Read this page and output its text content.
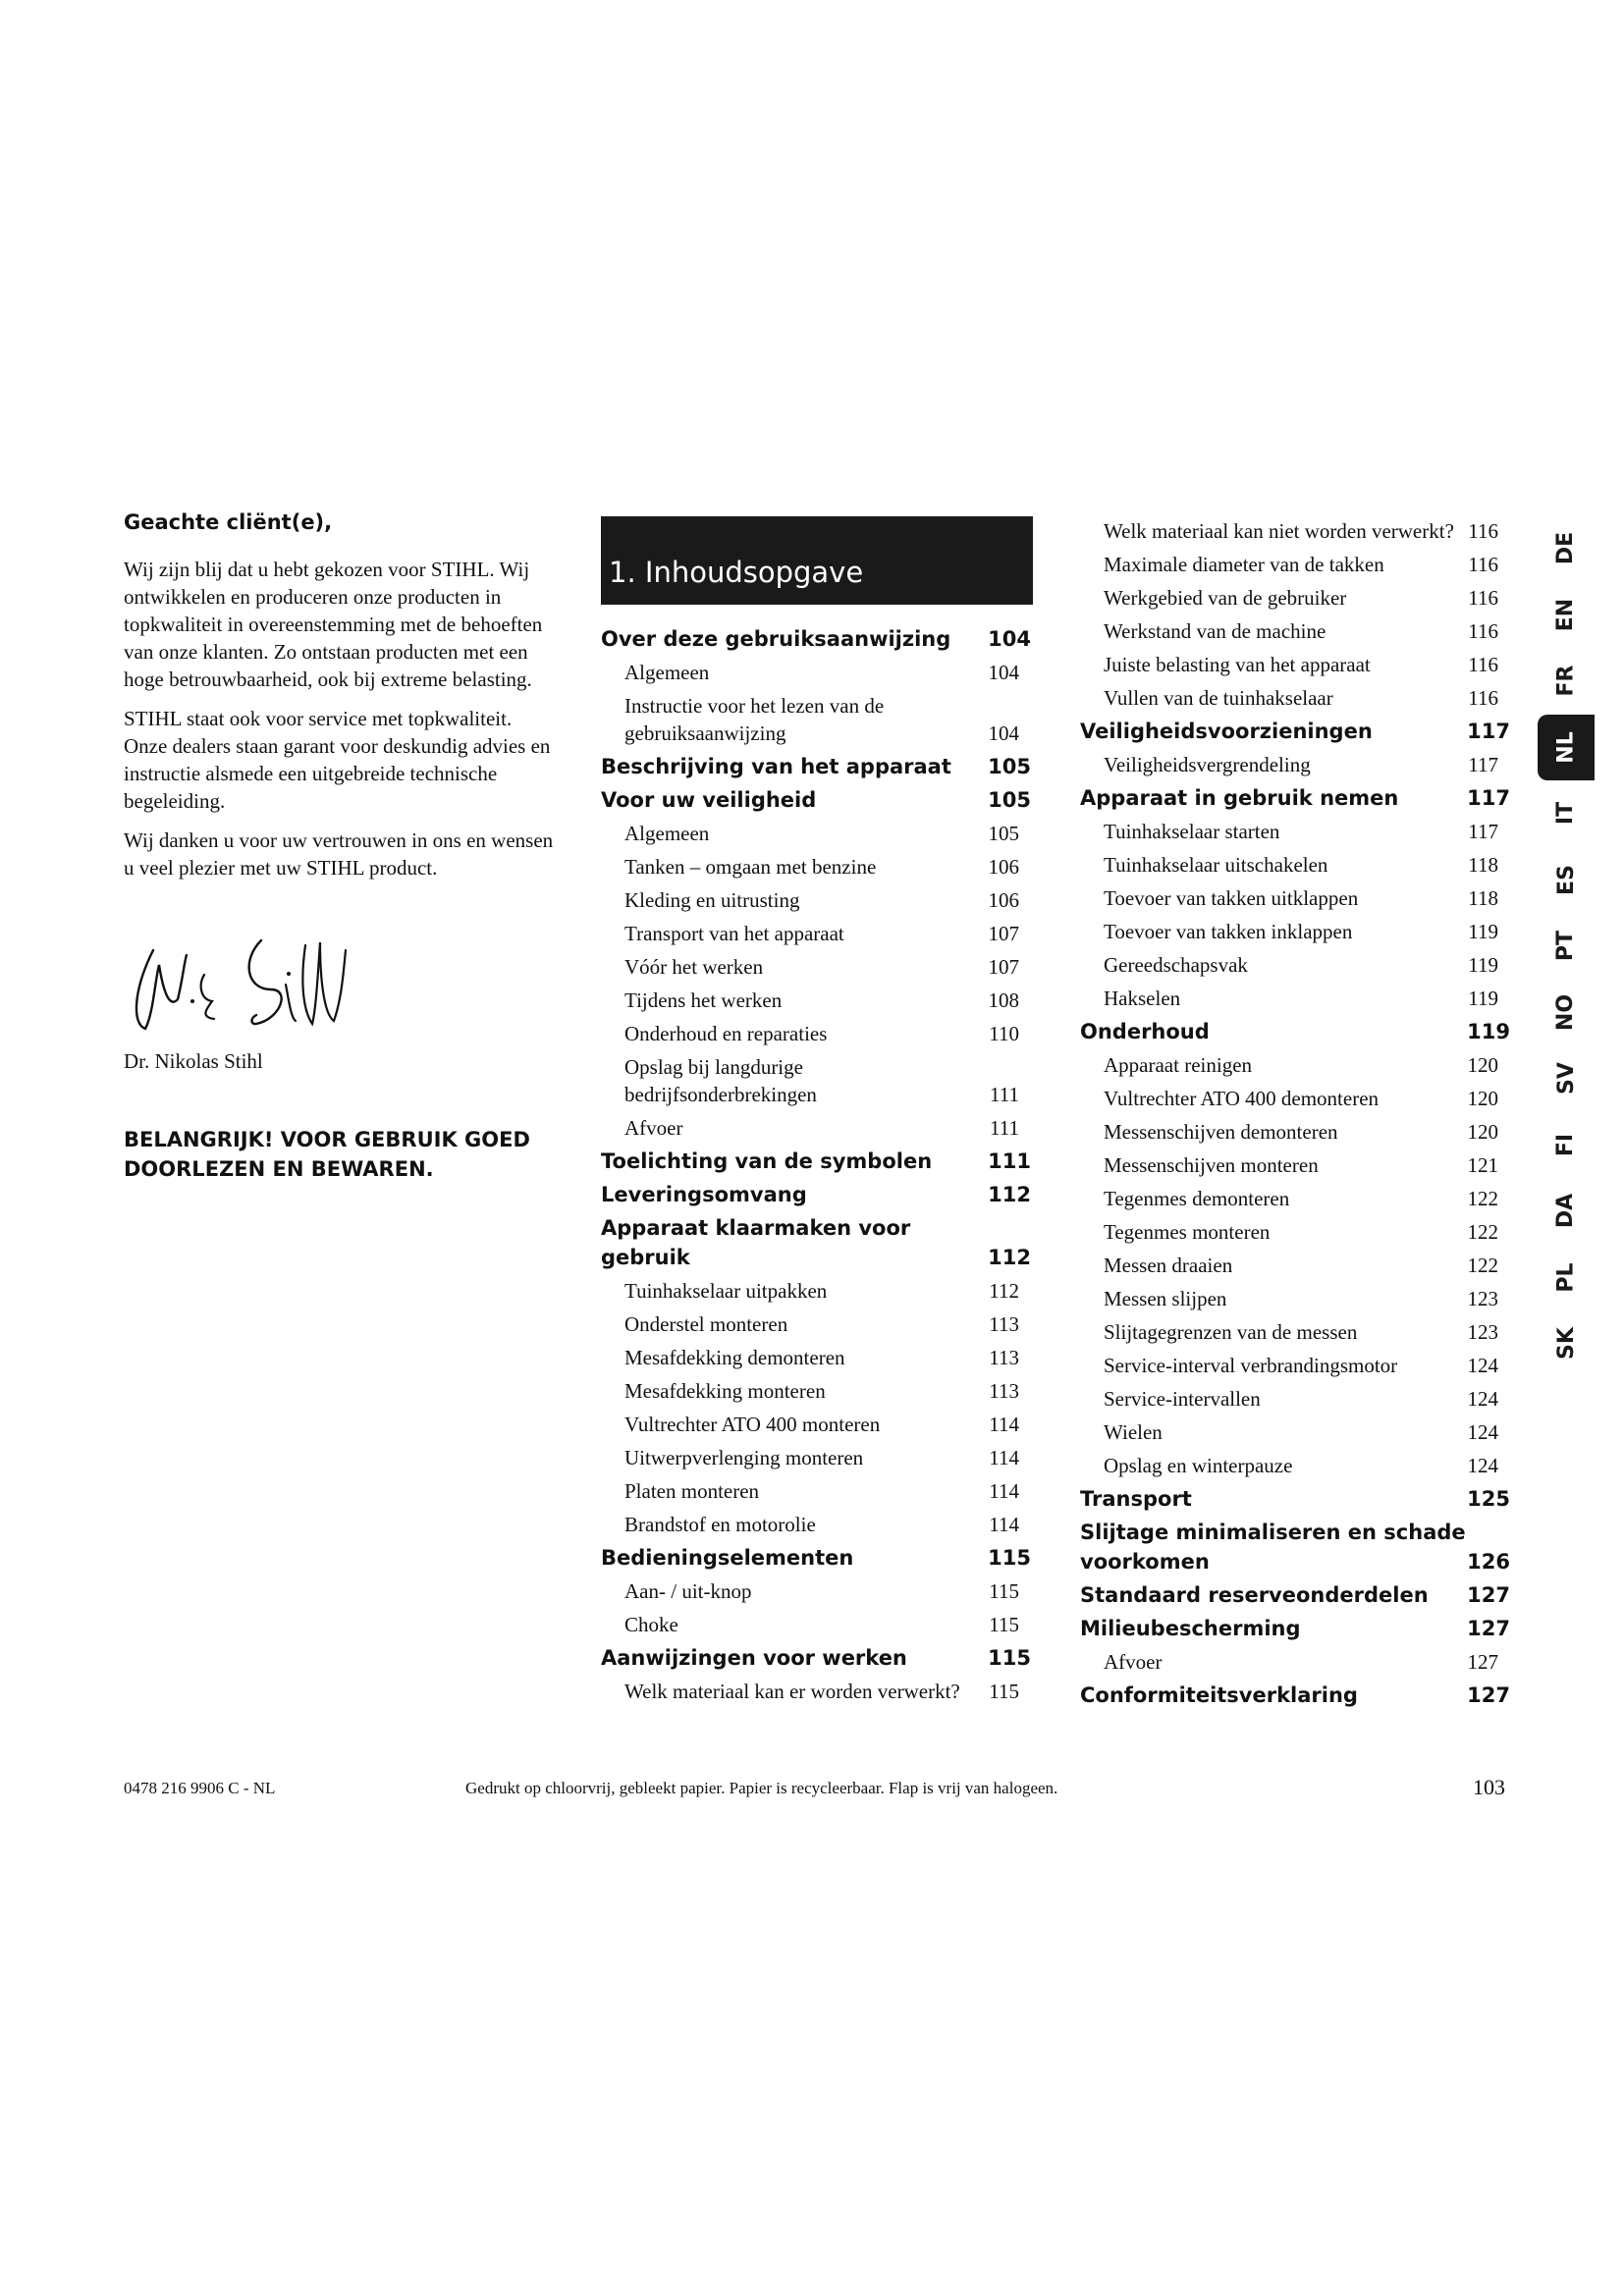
Geachte cliënt(e),

Wij zijn blij dat u hebt gekozen voor STIHL. Wij ontwikkelen en produceren onze producten in topkwaliteit in overeenstemming met de behoeften van onze klanten. Zo ontstaan producten met een hoge betrouwbaarheid, ook bij extreme belasting.

STIHL staat ook voor service met topkwaliteit. Onze dealers staan garant voor deskundig advies en instructie alsmede een uitgebreide technische begeleiding.

Wij danken u voor uw vertrouwen in ons en wensen u veel plezier met uw STIHL product.

Dr. Nikolas Stihl

BELANGRIJK! VOOR GEBRUIK GOED DOORLEZEN EN BEWAREN.

1. Inhoudsopgave
Over deze gebruiksaanwijzing	104
Algemeen	104
Instructie voor het lezen van de gebruiksaanwijzing	104
Beschrijving van het apparaat	105
Voor uw veiligheid	105
Algemeen	105
Tanken – omgaan met benzine	106
Kleding en uitrusting	106
Transport van het apparaat	107
Vóór het werken	107
Tijdens het werken	108
Onderhoud en reparaties	110
Opslag bij langdurige bedrijfsonderbrekingen	111
Afvoer	111
Toelichting van de symbolen	111
Leveringsomvang	112
Apparaat klaarmaken voor gebruik	112
Tuinhakselaar uitpakken	112
Onderstel monteren	113
Mesafdekking demonteren	113
Mesafdekking monteren	113
Vultrechter ATO 400 monteren	114
Uitwerpverlenging monteren	114
Platen monteren	114
Brandstof en motorolie	114
Bedieningselementen	115
Aan- / uit-knop	115
Choke	115
Aanwijzingen voor werken	115
Welk materiaal kan er worden verwerkt?	115
Welk materiaal kan niet worden verwerkt? 116
Maximale diameter van de takken	116
Werkgebied van de gebruiker	116
Werkstand van de machine	116
Juiste belasting van het apparaat	116
Vullen van de tuinhakselaar	116
Veiligheidsvoorzieningen	117
Veiligheidsvergrendeling	117
Apparaat in gebruik nemen	117
Tuinhakselaar starten	117
Tuinhakselaar uitschakelen	118
Toevoer van takken uitklappen	118
Toevoer van takken inklappen	119
Gereedschapsvak	119
Hakselen	119
Onderhoud	119
Apparaat reinigen	120
Vultrechter ATO 400 demonteren	120
Messenschijven demonteren	120
Messenschijven monteren	121
Tegenmes demonteren	122
Tegenmes monteren	122
Messen draaien	122
Messen slijpen	123
Slijtagegrenzen van de messen	123
Service-interval verbrandingsmotor	124
Service-intervallen	124
Wielen	124
Opslag en winterpauze	124
Transport	125
Slijtage minimaliseren en schade voorkomen	126
Standaard reserveonderdelen	127
Milieubescherming	127
Afvoer	127
Conformiteitsverklaring	127
DE
EN
FR
NL
IT
ES
PT
NO
SV
FI
DA
PL
SK
0478 216 9906 C - NL	Gedrukt op chloorvrij, gebleekt papier. Papier is recycleerbaar. Flap is vrij van halogeen.	103
